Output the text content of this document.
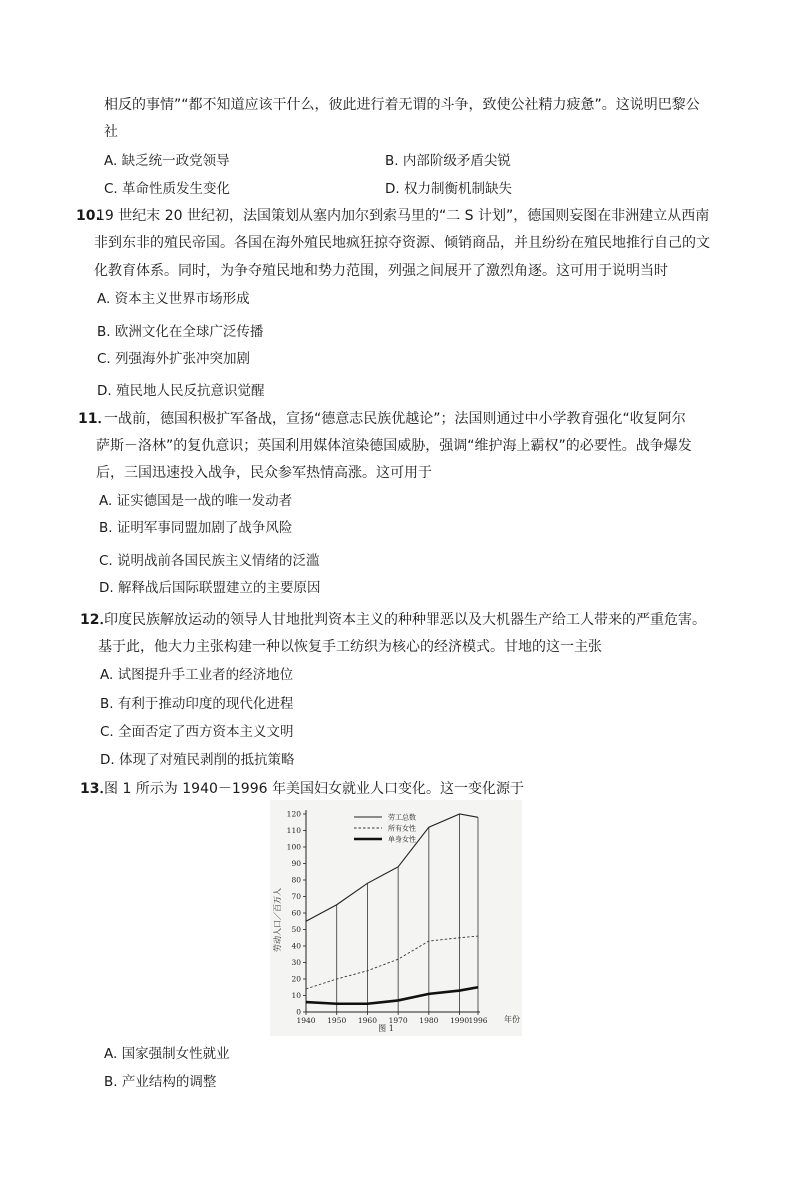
相反的事情”“都不知道应该干什么，彼此进行着无谓的斗争，致使公社精力疲惫”。这说明巴黎公
社
A. 缺乏统一政党领导	B. 内部阶级矛盾尖锐
C. 革命性质发生变化	D. 权力制衡机制缺失
10.
19 世纪末 20 世纪初，法国策划从塞内加尔到索马里的“二 S 计划”，德国则妄图在非洲建立从西南
非到东非的殖民帝国。各国在海外殖民地疯狂掠夺资源、倾销商品，并且纷纷在殖民地推行自己的文
化教育体系。同时，为争夺殖民地和势力范围，列强之间展开了激烈角逐。这可用于说明当时
A. 资本主义世界市场形成
B. 欧洲文化在全球广泛传播
C. 列强海外扩张冲突加剧
D. 殖民地人民反抗意识觉醒
11．
一战前，德国积极扩军备战，宣扬“德意志民族优越论”；法国则通过中小学教育强化“收复阿尔
萨斯－洛林”的复仇意识；英国利用媒体渲染德国威胁，强调“维护海上霸权”的必要性。战争爆发
后，三国迅速投入战争，民众参军热情高涨。这可用于
A. 证实德国是一战的唯一发动者
B. 证明军事同盟加剧了战争风险
C. 说明战前各国民族主义情绪的泛滥
D. 解释战后国际联盟建立的主要原因
12．
印度民族解放运动的领导人甘地批判资本主义的种种罪恶以及大机器生产给工人带来的严重危害。
基于此，他大力主张构建一种以恢复手工纺织为核心的经济模式。甘地的这一主张
A. 试图提升手工业者的经济地位
B. 有利于推动印度的现代化进程
C. 全面否定了西方资本主义文明
D. 体现了对殖民剥削的抵抗策略
13．
图 1 所示为 1940－1996 年美国妇女就业人口变化。这一变化源于
0
10
20
30
40
50
60
70
80
90
100
110
120
1940 1950 1960 1970 1980 1990 1996
劳工总数
所有女性
单身女性
劳动人口／百万人
年份
图 1
A. 国家强制女性就业
B. 产业结构的调整
